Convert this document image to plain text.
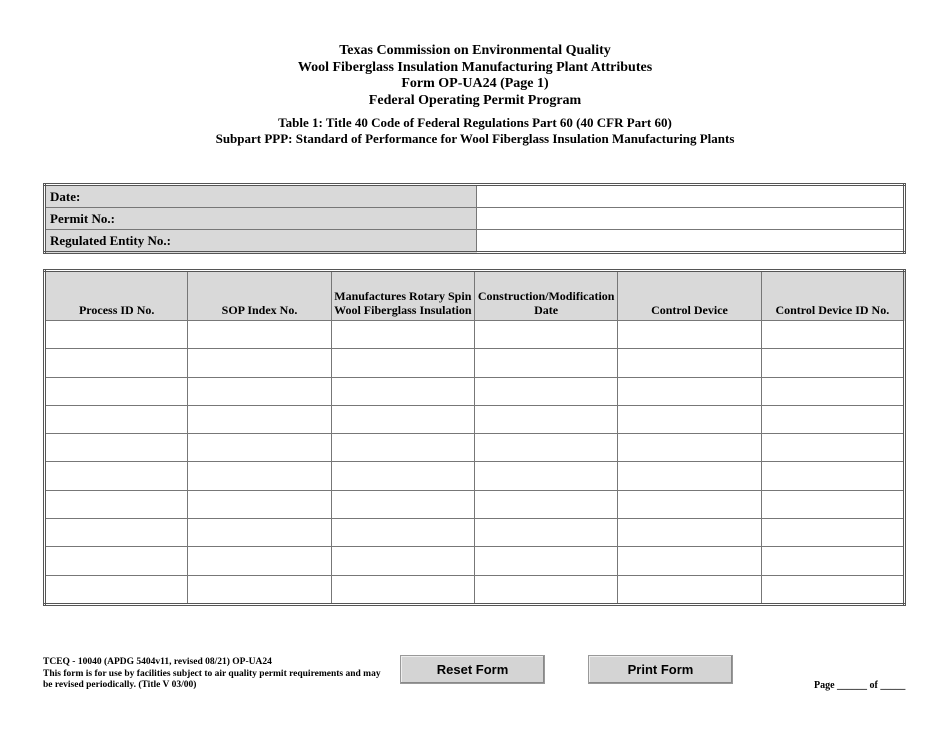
Texas Commission on Environmental Quality
Wool Fiberglass Insulation Manufacturing Plant Attributes
Form OP-UA24 (Page 1)
Federal Operating Permit Program
Table 1: Title 40 Code of Federal Regulations Part 60 (40 CFR Part 60)
Subpart PPP: Standard of Performance for Wool Fiberglass Insulation Manufacturing Plants
Date:	
Permit No.:	
Regulated Entity No.:	
Process ID No.	SOP Index No.	Manufactures Rotary Spin Wool Fiberglass Insulation	Construction/Modification Date	Control Device	Control Device ID No.

TCEQ - 10040 (APDG 5404v11, revised 08/21) OP-UA24
This form is for use by facilities subject to air quality permit requirements and may be revised periodically. (Title V 03/00)
Reset Form	Print Form
Page ______ of _____
